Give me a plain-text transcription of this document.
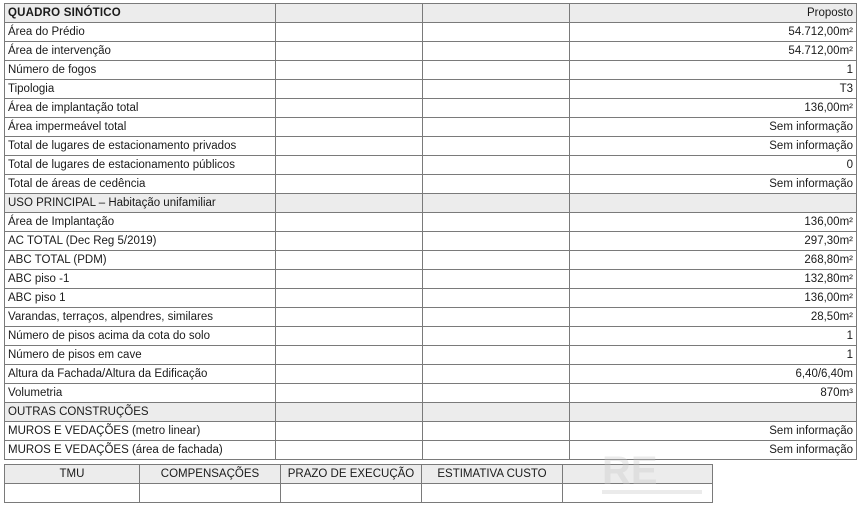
QUADRO SINÓTICO			Proposto
Área do Prédio			54.712,00m²
Área de intervenção			54.712,00m²
Número de fogos			1
Tipologia			T3
Área de implantação total			136,00m²
Área impermeável total			Sem informação
Total de lugares de estacionamento privados			Sem informação
Total de lugares de estacionamento públicos			0
Total de áreas de cedência			Sem informação
USO PRINCIPAL – Habitação unifamiliar			
Área de Implantação			136,00m²
AC TOTAL (Dec Reg 5/2019)			297,30m²
ABC TOTAL (PDM)			268,80m²
ABC piso -1			132,80m²
ABC piso 1			136,00m²
Varandas, terraços, alpendres, similares			28,50m²
Número de pisos acima da cota do solo			1
Número de pisos em cave			1
Altura da Fachada/Altura da Edificação			6,40/6,40m
Volumetria			870m³
OUTRAS CONSTRUÇÕES			
MUROS E VEDAÇÕES (metro linear)			Sem informação
MUROS E VEDAÇÕES (área de fachada)			Sem informação
TMU	COMPENSAÇÕES	PRAZO DE EXECUÇÃO	ESTIMATIVA CUSTO	
				RE
